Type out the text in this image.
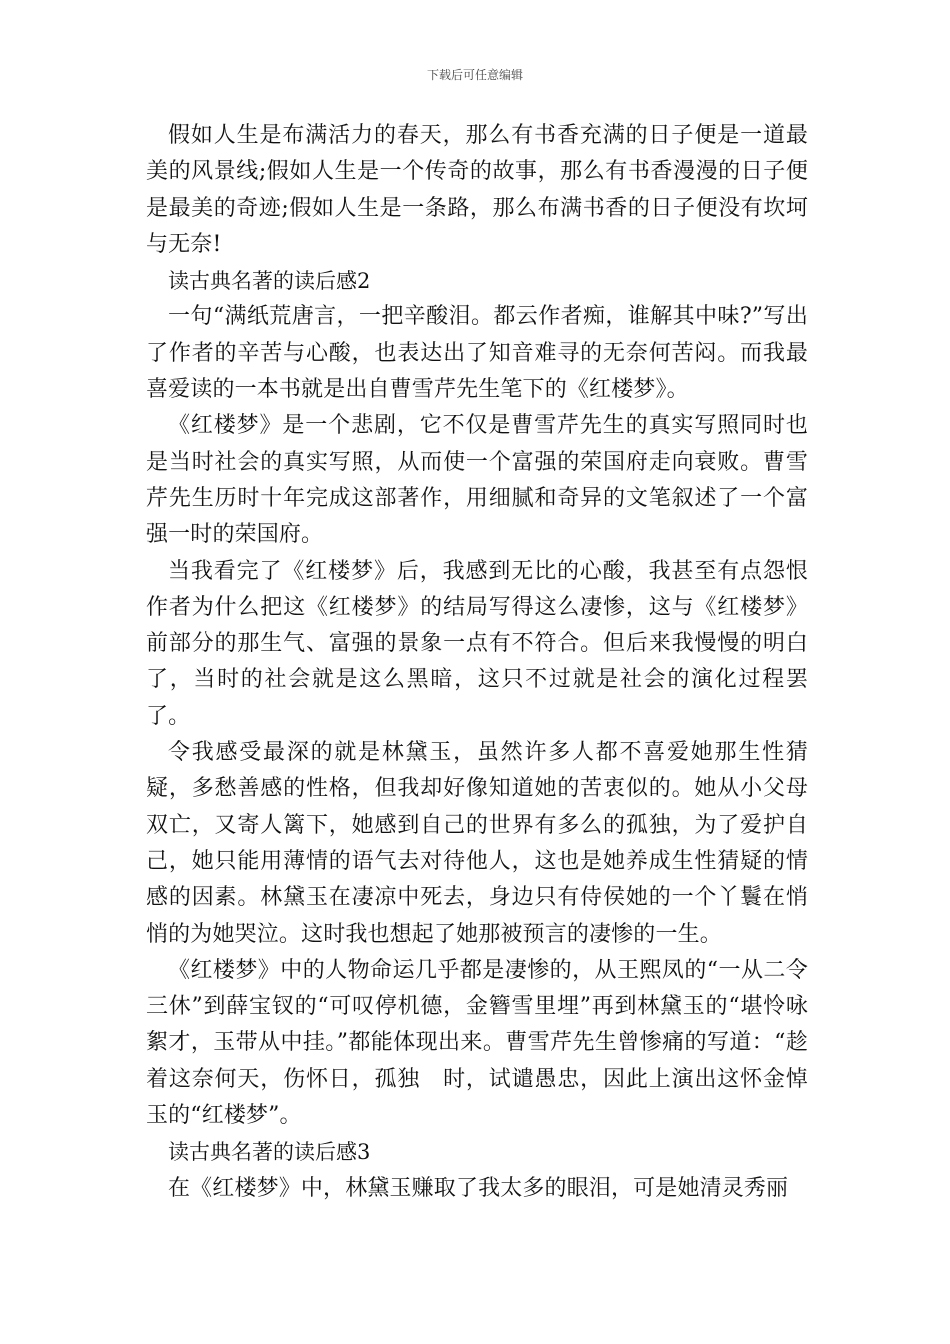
下载后可任意编辑

假如人生是布满活力的春天，那么有书香充满的日子便是一道最美的风景线;假如人生是一个传奇的故事，那么有书香漫漫的日子便是最美的奇迹;假如人生是一条路，那么布满书香的日子便没有坎坷与无奈!

读古典名著的读后感2

一句“满纸荒唐言，一把辛酸泪。都云作者痴，谁解其中味?”写出了作者的辛苦与心酸，也表达出了知音难寻的无奈何苦闷。而我最喜爱读的一本书就是出自曹雪芹先生笔下的《红楼梦》。

《红楼梦》是一个悲剧，它不仅是曹雪芹先生的真实写照同时也是当时社会的真实写照，从而使一个富强的荣国府走向衰败。曹雪芹先生历时十年完成这部著作，用细腻和奇异的文笔叙述了一个富强一时的荣国府。

当我看完了《红楼梦》后，我感到无比的心酸，我甚至有点怨恨作者为什么把这《红楼梦》的结局写得这么凄惨，这与《红楼梦》前部分的那生气、富强的景象一点有不符合。但后来我慢慢的明白了，当时的社会就是这么黑暗，这只不过就是社会的演化过程罢了。

令我感受最深的就是林黛玉，虽然许多人都不喜爱她那生性猜疑，多愁善感的性格，但我却好像知道她的苦衷似的。她从小父母双亡，又寄人篱下，她感到自己的世界有多么的孤独，为了爱护自己，她只能用薄情的语气去对待他人，这也是她养成生性猜疑的情感的因素。林黛玉在凄凉中死去，身边只有侍侯她的一个丫鬟在悄悄的为她哭泣。这时我也想起了她那被预言的凄惨的一生。

《红楼梦》中的人物命运几乎都是凄惨的，从王熙凤的“一从二令三休”到薛宝钗的“可叹停机德，金簪雪里埋”再到林黛玉的“堪怜咏絮才，玉带从中挂。”都能体现出来。曹雪芹先生曾惨痛的写道：“趁着这奈何天，伤怀日，孤独　时，试谴愚忠，因此上演出这怀金悼玉的“红楼梦”。

读古典名著的读后感3

在《红楼梦》中，林黛玉赚取了我太多的眼泪，可是她清灵秀丽
